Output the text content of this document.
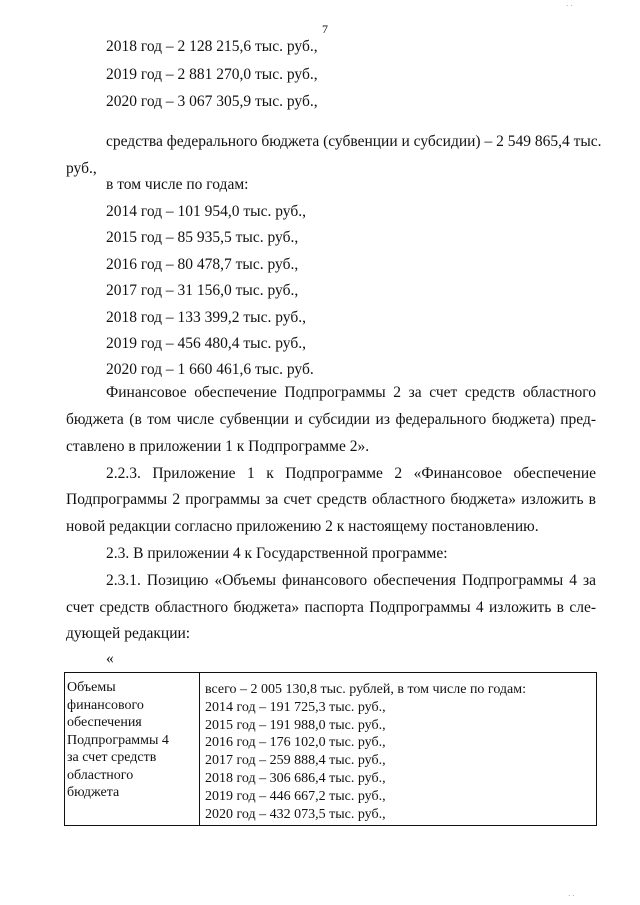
7
2018 год – 2 128 215,6 тыс. руб.,
2019 год – 2 881 270,0 тыс. руб.,
2020 год – 3 067 305,9 тыс. руб.,
средства федерального бюджета (субвенции и субсидии) – 2 549 865,4 тыс.
руб.,
в том числе по годам:
2014 год – 101 954,0 тыс. руб.,
2015 год – 85 935,5 тыс. руб.,
2016 год – 80 478,7 тыс. руб.,
2017 год – 31 156,0 тыс. руб.,
2018 год – 133 399,2 тыс. руб.,
2019 год – 456 480,4 тыс. руб.,
2020 год – 1 660 461,6 тыс. руб.
Финансовое обеспечение Подпрограммы 2 за счет средств областного
бюджета (в том числе субвенции и субсидии из федерального бюджета) пред-
ставлено в приложении 1 к Подпрограмме 2».
2.2.3. Приложение 1 к Подпрограмме 2 «Финансовое обеспечение
Подпрограммы 2 программы за счет средств областного бюджета» изложить в
новой редакции согласно приложению 2 к настоящему постановлению.
2.3. В приложении 4 к Государственной программе:
2.3.1. Позицию «Объемы финансового обеспечения Подпрограммы 4 за
счет средств областного бюджета» паспорта Подпрограммы 4 изложить в сле-
дующей редакции:
«
Объемы
финансового
обеспечения
Подпрограммы 4
за счет средств
областного
бюджета
всего – 2 005 130,8 тыс. рублей, в том числе по годам:
2014 год – 191 725,3 тыс. руб.,
2015 год – 191 988,0 тыс. руб.,
2016 год – 176 102,0 тыс. руб.,
2017 год – 259 888,4 тыс. руб.,
2018 год – 306 686,4 тыс. руб.,
2019 год – 446 667,2 тыс. руб.,
2020 год – 432 073,5 тыс. руб.,
· ·
· ·
